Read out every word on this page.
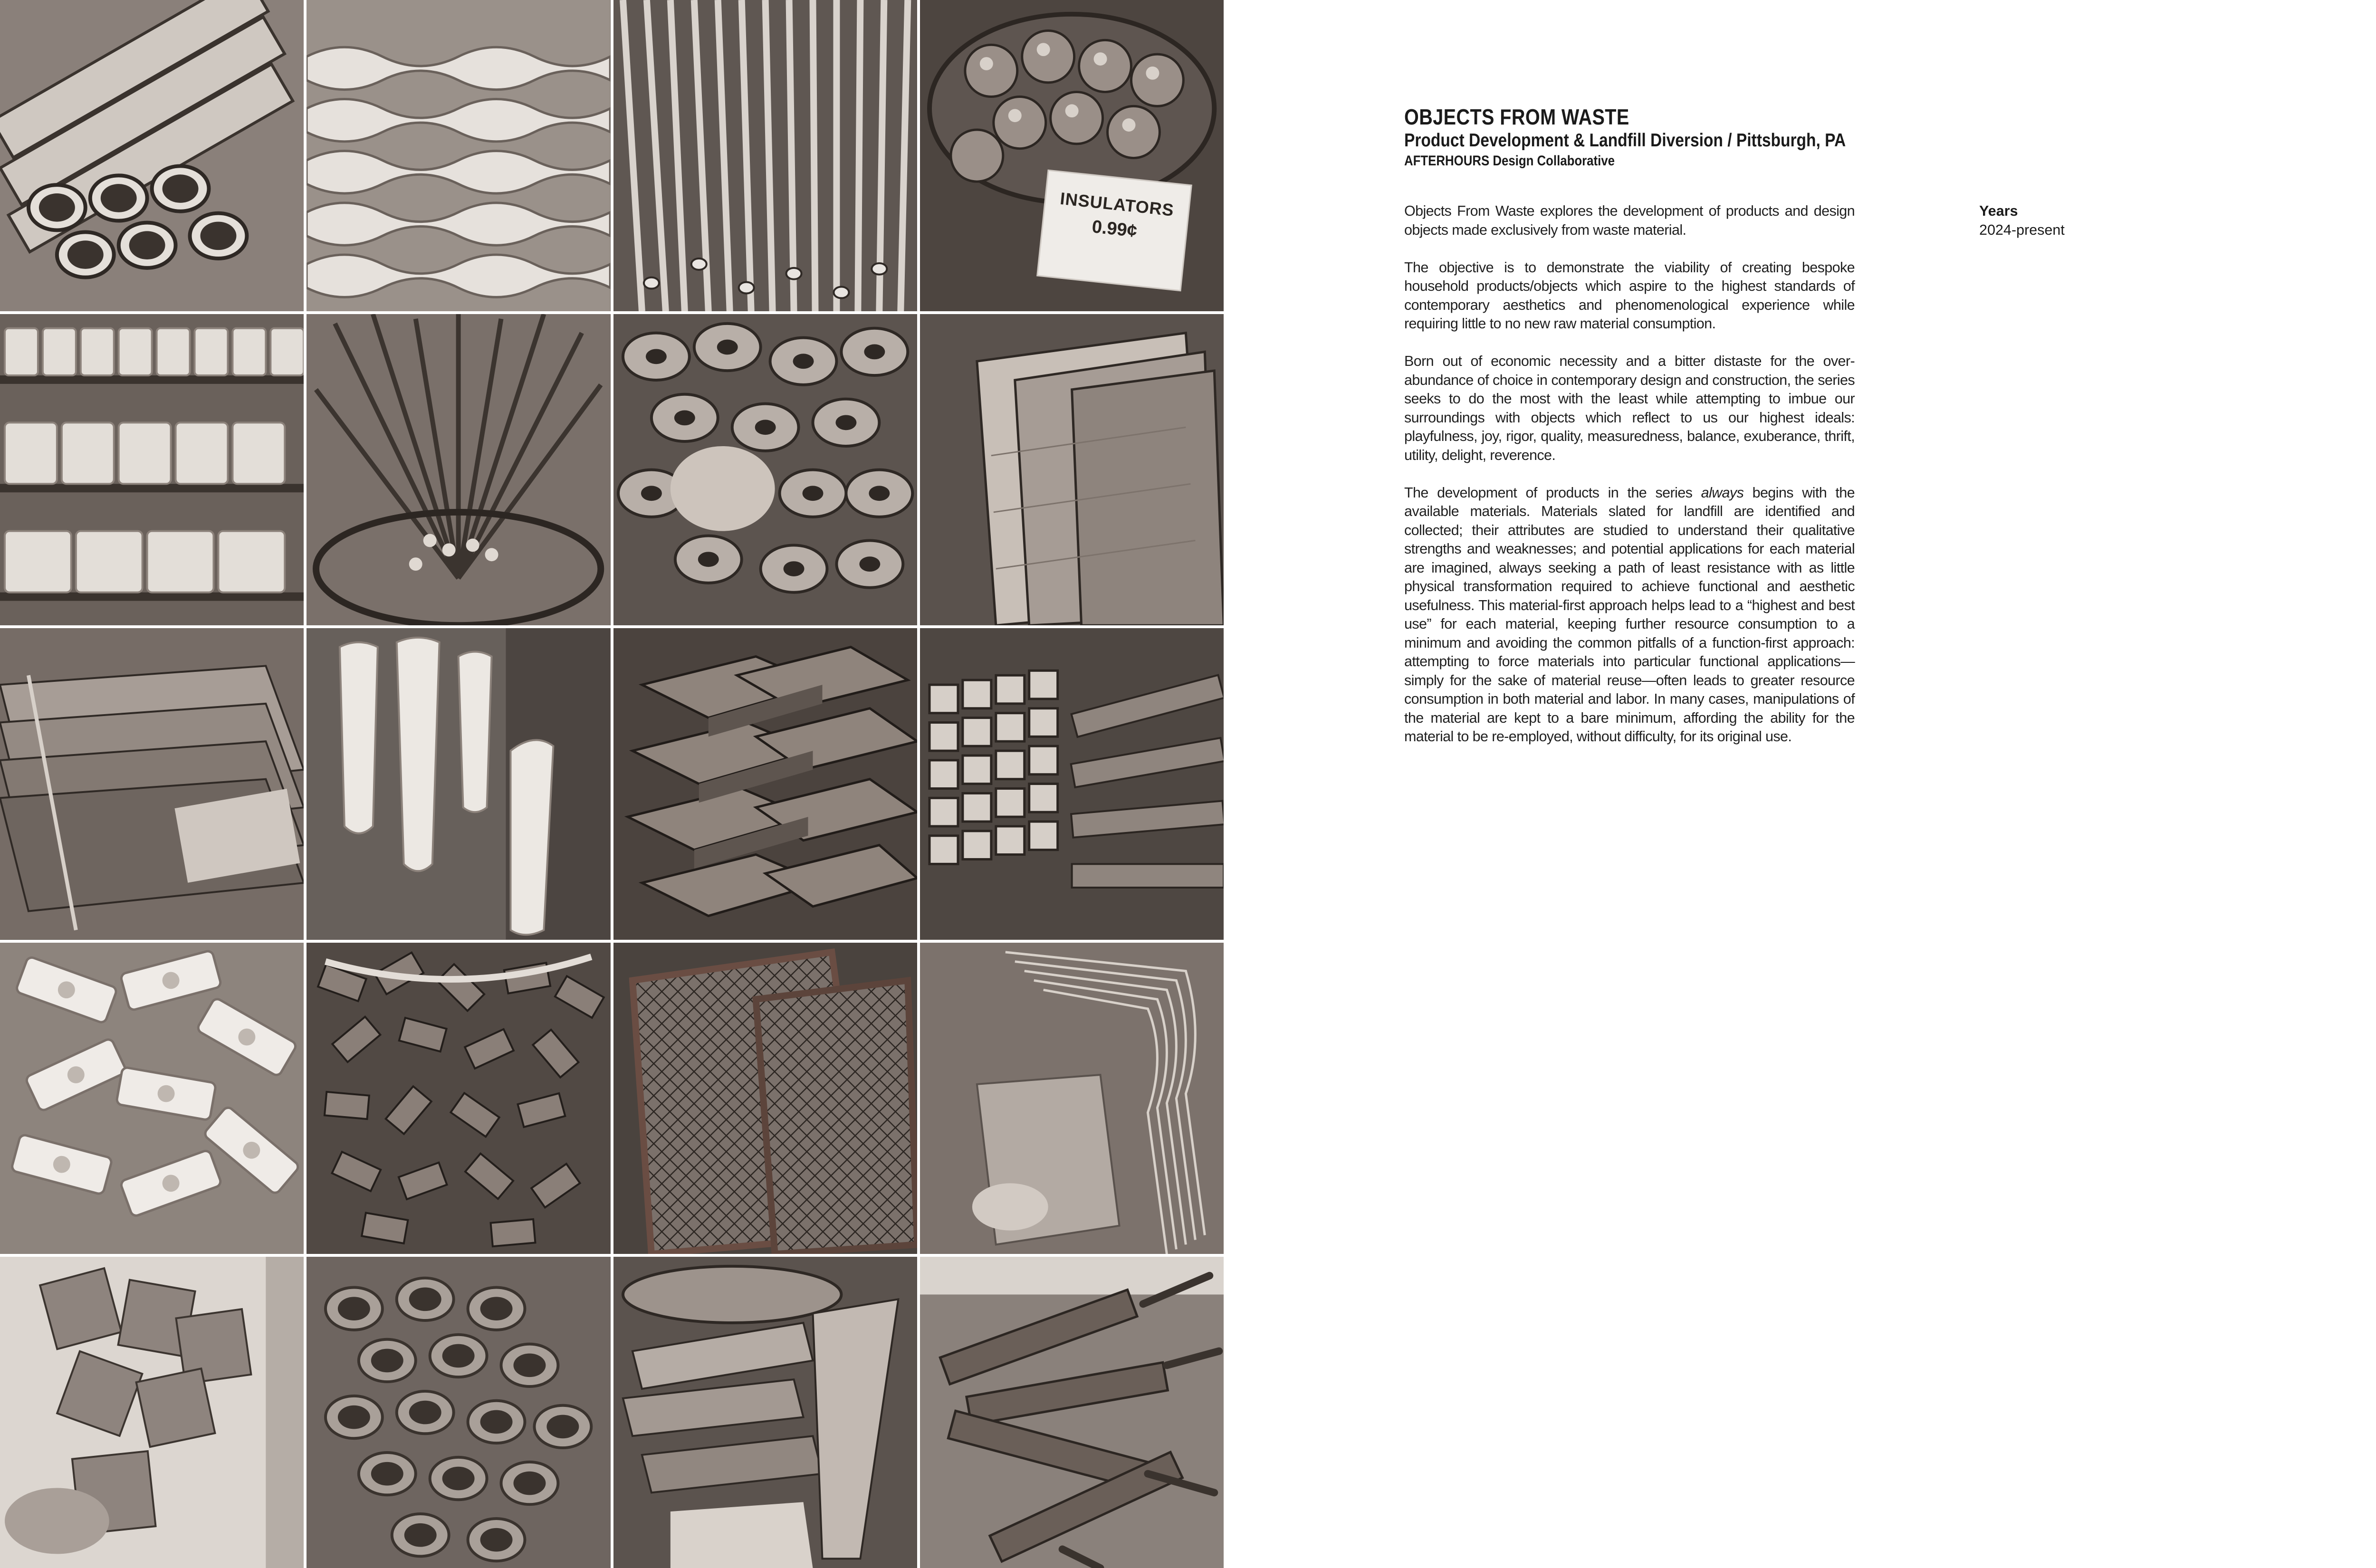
INSULATORS
0.99¢
OBJECTS FROM WASTE
Product Development & Landfill Diversion / Pittsburgh, PA
AFTERHOURS Design Collaborative

Objects From Waste explores the development of products and design objects made exclusively from waste material.

The objective is to demonstrate the viability of creating bespoke household products/objects which aspire to the highest standards of contemporary aesthetics and phenomenological experience while requiring little to no new raw material consumption.

Born out of economic necessity and a bitter distaste for the over-abundance of choice in contemporary design and construction, the series seeks to do the most with the least while attempting to imbue our surroundings with objects which reflect to us our highest ideals: playfulness, joy, rigor, quality, measuredness, balance, exuberance, thrift, utility, delight, reverence.

The development of products in the series always begins with the available materials. Materials slated for landfill are identified and collected; their attributes are studied to understand their qualitative strengths and weaknesses; and potential applications for each material are imagined, always seeking a path of least resistance with as little physical transformation required to achieve functional and aesthetic usefulness. This material-first approach helps lead to a “highest and best use” for each material, keeping further resource consumption to a minimum and avoiding the common pitfalls of a function-first approach: attempting to force materials into particular functional applications—simply for the sake of material reuse—often leads to greater resource consumption in both material and labor. In many cases, manipulations of the material are kept to a bare minimum, affording the ability for the material to be re-employed, without difficulty, for its original use.

Years
2024-present
